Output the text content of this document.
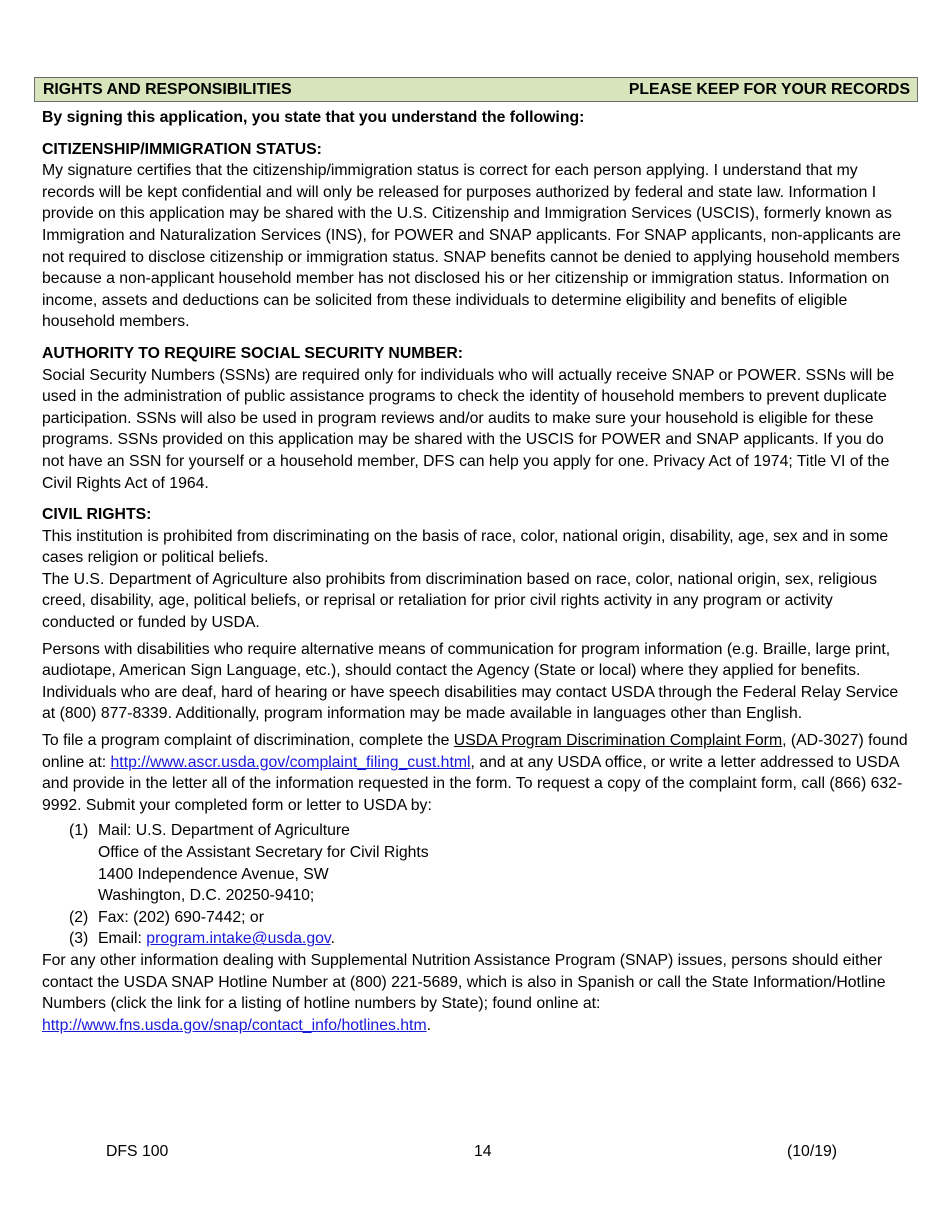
RIGHTS AND RESPONSIBILITIES	PLEASE KEEP FOR YOUR RECORDS

By signing this application, you state that you understand the following:

CITIZENSHIP/IMMIGRATION STATUS:

My signature certifies that the citizenship/immigration status is correct for each person applying. I understand that my records will be kept confidential and will only be released for purposes authorized by federal and state law. Information I provide on this application may be shared with the U.S. Citizenship and Immigration Services (USCIS), formerly known as Immigration and Naturalization Services (INS), for POWER and SNAP applicants. For SNAP applicants, non-applicants are not required to disclose citizenship or immigration status. SNAP benefits cannot be denied to applying household members because a non-applicant household member has not disclosed his or her citizenship or immigration status. Information on income, assets and deductions can be solicited from these individuals to determine eligibility and benefits of eligible household members.

AUTHORITY TO REQUIRE SOCIAL SECURITY NUMBER:

Social Security Numbers (SSNs) are required only for individuals who will actually receive SNAP or POWER. SSNs will be used in the administration of public assistance programs to check the identity of household members to prevent duplicate participation. SSNs will also be used in program reviews and/or audits to make sure your household is eligible for these programs. SSNs provided on this application may be shared with the USCIS for POWER and SNAP applicants. If you do not have an SSN for yourself or a household member, DFS can help you apply for one. Privacy Act of 1974; Title VI of the Civil Rights Act of 1964.

CIVIL RIGHTS:

This institution is prohibited from discriminating on the basis of race, color, national origin, disability, age, sex and in some cases religion or political beliefs.

The U.S. Department of Agriculture also prohibits from discrimination based on race, color, national origin, sex, religious creed, disability, age, political beliefs, or reprisal or retaliation for prior civil rights activity in any program or activity conducted or funded by USDA.

Persons with disabilities who require alternative means of communication for program information (e.g. Braille, large print, audiotape, American Sign Language, etc.), should contact the Agency (State or local) where they applied for benefits. Individuals who are deaf, hard of hearing or have speech disabilities may contact USDA through the Federal Relay Service at (800) 877-8339. Additionally, program information may be made available in languages other than English.

To file a program complaint of discrimination, complete the USDA Program Discrimination Complaint Form, (AD-3027) found online at: http://www.ascr.usda.gov/complaint_filing_cust.html, and at any USDA office, or write a letter addressed to USDA and provide in the letter all of the information requested in the form. To request a copy of the complaint form, call (866) 632-9992. Submit your completed form or letter to USDA by:

(1) Mail: U.S. Department of Agriculture
Office of the Assistant Secretary for Civil Rights
1400 Independence Avenue, SW
Washington, D.C. 20250-9410;
(2) Fax: (202) 690-7442; or
(3) Email: program.intake@usda.gov.

For any other information dealing with Supplemental Nutrition Assistance Program (SNAP) issues, persons should either contact the USDA SNAP Hotline Number at (800) 221-5689, which is also in Spanish or call the State Information/Hotline Numbers (click the link for a listing of hotline numbers by State); found online at: http://www.fns.usda.gov/snap/contact_info/hotlines.htm.

DFS 100	14	(10/19)
